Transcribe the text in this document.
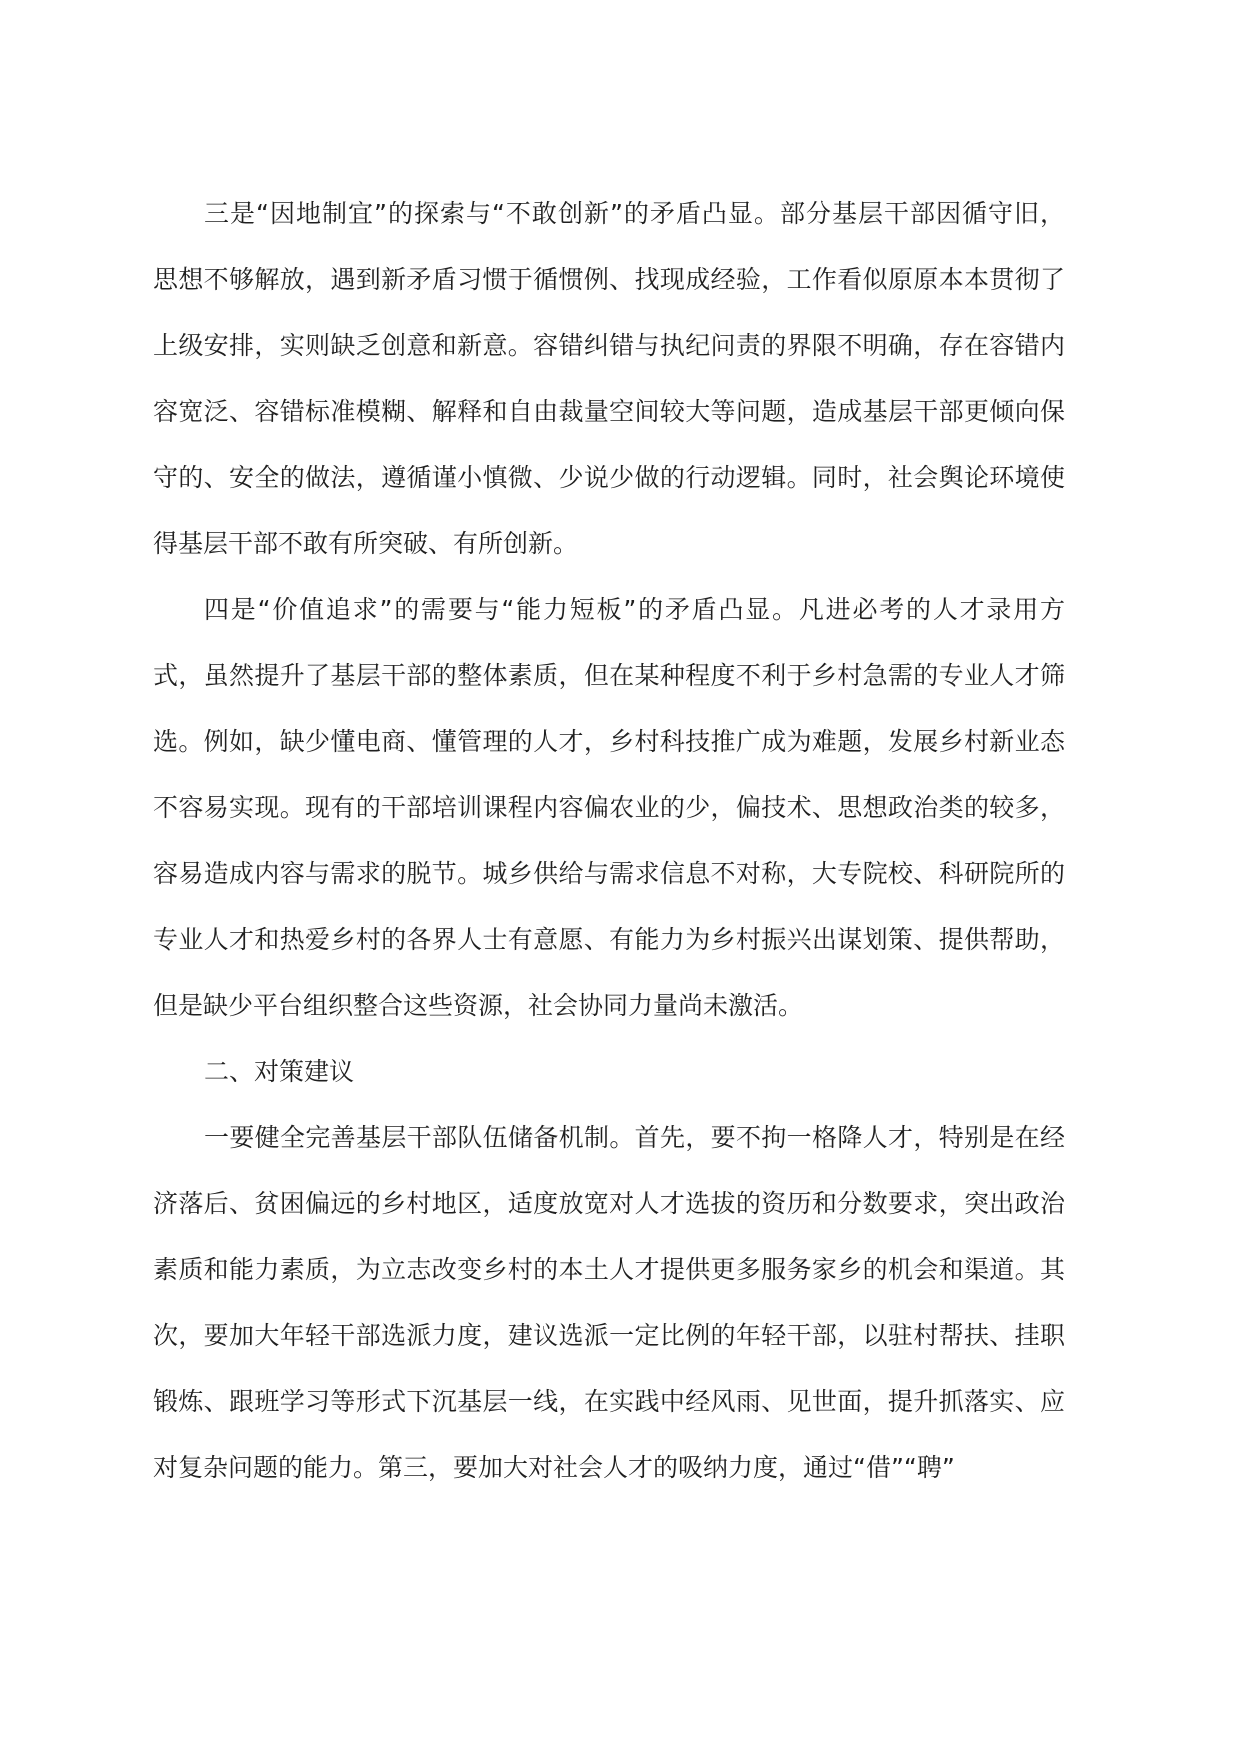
三是“因地制宜”的探索与“不敢创新”的矛盾凸显。部分基层干部因循守旧，
思想不够解放，遇到新矛盾习惯于循惯例、找现成经验，工作看似原原本本贯彻了
上级安排，实则缺乏创意和新意。容错纠错与执纪问责的界限不明确，存在容错内
容宽泛、容错标准模糊、解释和自由裁量空间较大等问题，造成基层干部更倾向保
守的、安全的做法，遵循谨小慎微、少说少做的行动逻辑。同时，社会舆论环境使
得基层干部不敢有所突破、有所创新。
四是“价值追求”的需要与“能力短板”的矛盾凸显。凡进必考的人才录用方
式，虽然提升了基层干部的整体素质，但在某种程度不利于乡村急需的专业人才筛
选。例如，缺少懂电商、懂管理的人才，乡村科技推广成为难题，发展乡村新业态
不容易实现。现有的干部培训课程内容偏农业的少，偏技术、思想政治类的较多，
容易造成内容与需求的脱节。城乡供给与需求信息不对称，大专院校、科研院所的
专业人才和热爱乡村的各界人士有意愿、有能力为乡村振兴出谋划策、提供帮助，
但是缺少平台组织整合这些资源，社会协同力量尚未激活。
二、对策建议
一要健全完善基层干部队伍储备机制。首先，要不拘一格降人才，特别是在经
济落后、贫困偏远的乡村地区，适度放宽对人才选拔的资历和分数要求，突出政治
素质和能力素质，为立志改变乡村的本土人才提供更多服务家乡的机会和渠道。其
次，要加大年轻干部选派力度，建议选派一定比例的年轻干部，以驻村帮扶、挂职
锻炼、跟班学习等形式下沉基层一线，在实践中经风雨、见世面，提升抓落实、应
对复杂问题的能力。第三，要加大对社会人才的吸纳力度，通过“借”“聘”
